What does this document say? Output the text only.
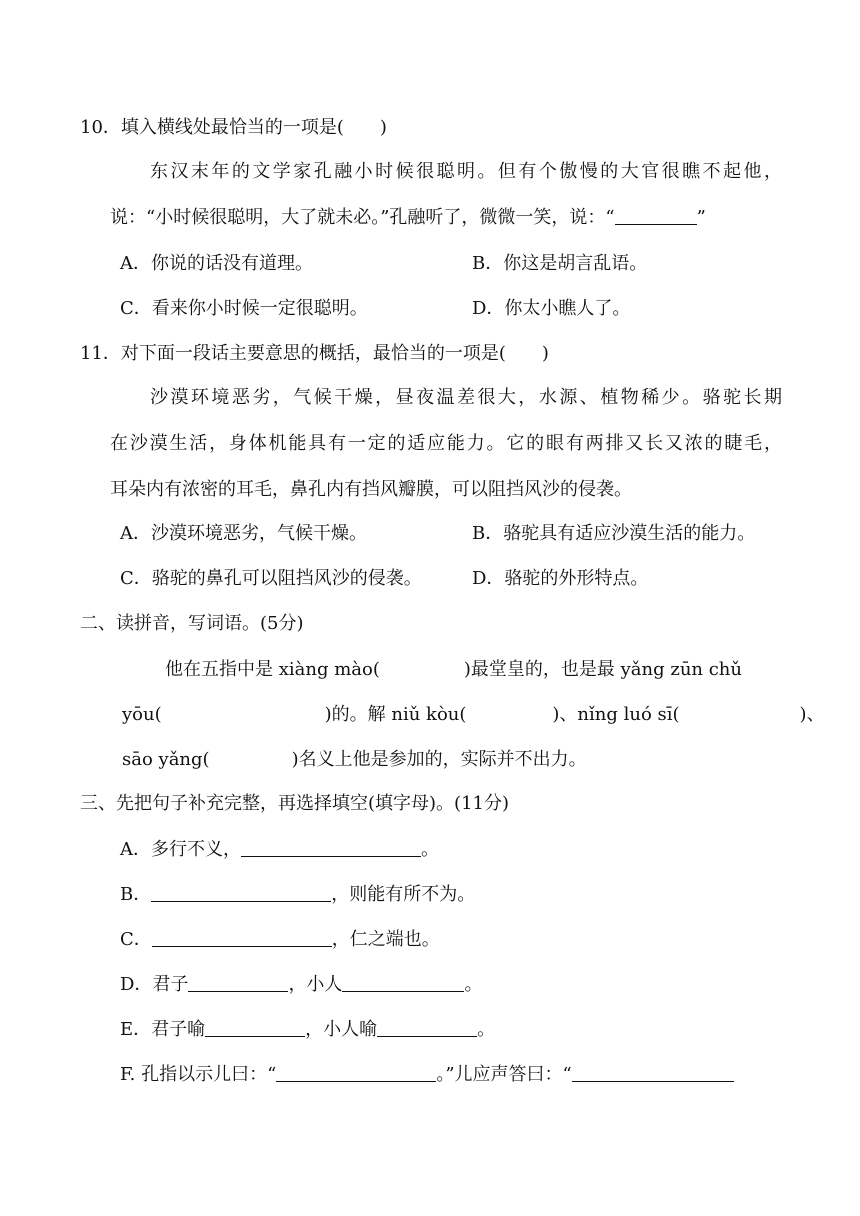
10．填入横线处最恰当的一项是(　　)
东汉末年的文学家孔融小时候很聪明。但有个傲慢的大官很瞧不起他，
说：“小时候很聪明，大了就未必。”孔融听了，微微一笑，说：“	”
A．你说的话没有道理。	B．你这是胡言乱语。
C．看来你小时候一定很聪明。	D．你太小瞧人了。
11．对下面一段话主要意思的概括，最恰当的一项是(　　)
沙漠环境恶劣，气候干燥，昼夜温差很大，水源、植物稀少。骆驼长期
在沙漠生活，身体机能具有一定的适应能力。它的眼有两排又长又浓的睫毛，
耳朵内有浓密的耳毛，鼻孔内有挡风瓣膜，可以阻挡风沙的侵袭。
A．沙漠环境恶劣，气候干燥。	B．骆驼具有适应沙漠生活的能力。
C．骆驼的鼻孔可以阻挡风沙的侵袭。	D．骆驼的外形特点。
二、读拼音，写词语。(5分)
他在五指中是 xiàng mào(	)最堂皇的，也是最 yǎng zūn chǔ
yōu(	)的。解 niǔ kòu(	)、nǐng luó sī(	)、
sāo yǎng(	)名义上他是参加的，实际并不出力。
三、先把句子补充完整，再选择填空(填字母)。(11分)
A．多行不义，	。
B．	，则能有所不为。
C．	，仁之端也。
D．君子	，小人	。
E．君子喻	，小人喻	。
F. 孔指以示儿曰：“	。”儿应声答曰：“
